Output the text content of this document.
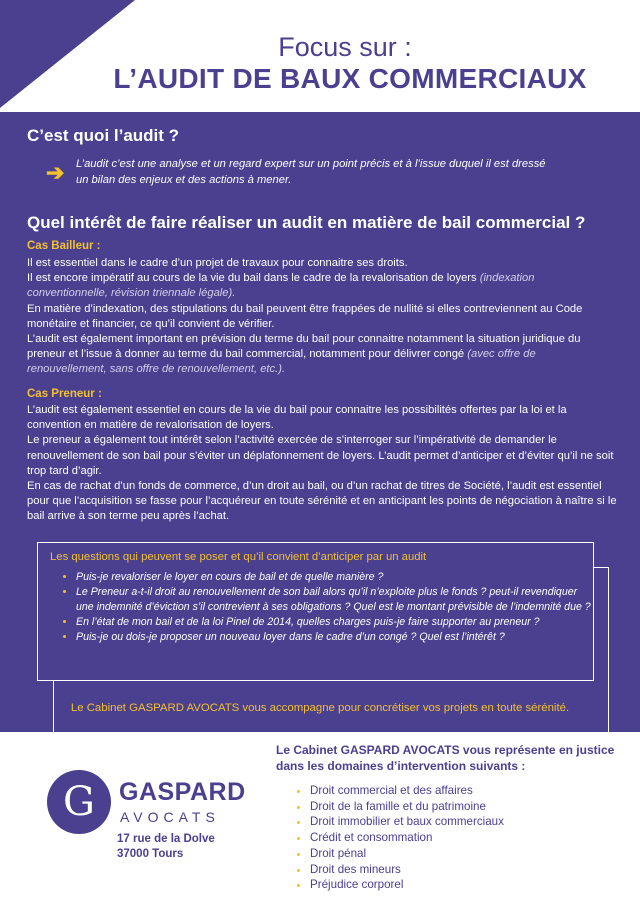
Focus sur :
L’AUDIT DE BAUX COMMERCIAUX
C’est quoi l’audit ?
➔ L’audit c’est une analyse et un regard expert sur un point précis et à l’issue duquel il est dressé un bilan des enjeux et des actions à mener.
Quel intérêt de faire réaliser un audit en matière de bail commercial ?
Cas Bailleur :

Il est essentiel dans le cadre d’un projet de travaux pour connaitre ses droits.

Il est encore impératif au cours de la vie du bail dans le cadre de la revalorisation de loyers (indexation conventionnelle, révision triennale légale).

En matière d’indexation, des stipulations du bail peuvent être frappées de nullité si elles contreviennent au Code monétaire et financier, ce qu’il convient de vérifier.

L’audit est également important en prévision du terme du bail pour connaitre notamment la situation juridique du preneur et l’issue à donner au terme du bail commercial, notamment pour délivrer congé (avec offre de renouvellement, sans offre de renouvellement, etc.).

Cas Preneur :

L’audit est également essentiel en cours de la vie du bail pour connaitre les possibilités offertes par la loi et la convention en matière de revalorisation de loyers.

Le preneur a également tout intérêt selon l’activité exercée de s’interroger sur l’impérativité de demander le renouvellement de son bail pour s’éviter un déplafonnement de loyers. L’audit permet d’anticiper et d’éviter qu’il ne soit trop tard d’agir.

En cas de rachat d’un fonds de commerce, d’un droit au bail, ou d’un rachat de titres de Société, l’audit est essentiel pour que l’acquisition se fasse pour l’acquéreur en toute sérénité et en anticipant les points de négociation à naître si le bail arrive à son terme peu après l’achat.

Les questions qui peuvent se poser et qu’il convient d’anticiper par un audit
• Puis-je revaloriser le loyer en cours de bail et de quelle manière ?
• Le Preneur a-t-il droit au renouvellement de son bail alors qu’il n’exploite plus le fonds ? peut-il revendiquer une indemnité d’éviction s’il contrevient à ses obligations ? Quel est le montant prévisible de l’indemnité due ?
• En l’état de mon bail et de la loi Pinel de 2014, quelles charges puis-je faire supporter au preneur ?
• Puis-je ou dois-je proposer un nouveau loyer dans le cadre d’un congé ? Quel est l’intérêt ?
Le Cabinet GASPARD AVOCATS vous accompagne pour concrétiser vos projets en toute sérénité.
G GASPARD
AVOCATS
17 rue de la Dolve
37000 Tours
Le Cabinet GASPARD AVOCATS vous représente en justice
dans les domaines d’intervention suivants :
• Droit commercial et des affaires
• Droit de la famille et du patrimoine
• Droit immobilier et baux commerciaux
• Crédit et consommation
• Droit pénal
• Droit des mineurs
• Préjudice corporel
